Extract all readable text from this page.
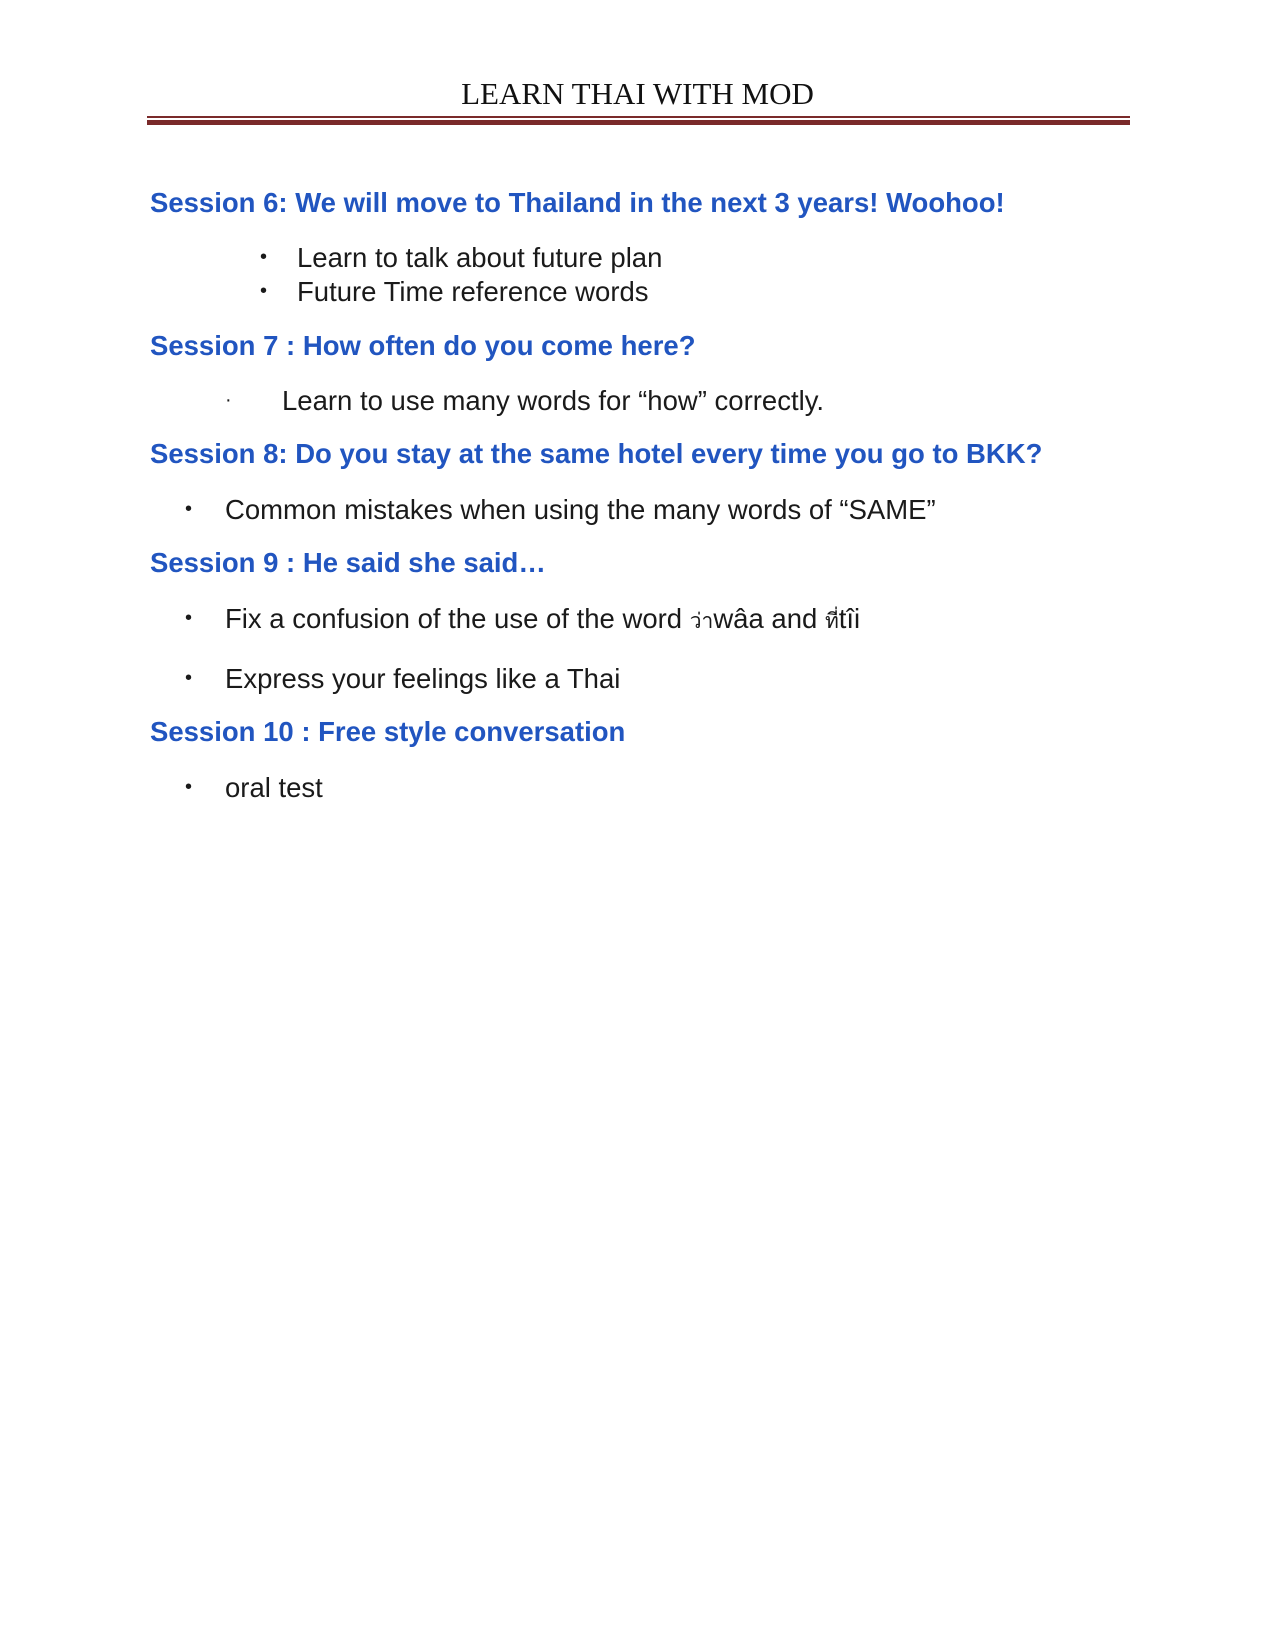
LEARN THAI WITH MOD
Session 6: We will move to Thailand in the next 3 years! Woohoo!
• Learn to talk about future plan
• Future Time reference words
Session 7 : How often do you come here?
· Learn to use many words for “how” correctly.
Session 8: Do you stay at the same hotel every time you go to BKK?
• Common mistakes when using the many words of “SAME”
Session 9 : He said she said…
• Fix a confusion of the use of the word ว่าwâa and ที่tîi
• Express your feelings like a Thai
Session 10 : Free style conversation
• oral test
